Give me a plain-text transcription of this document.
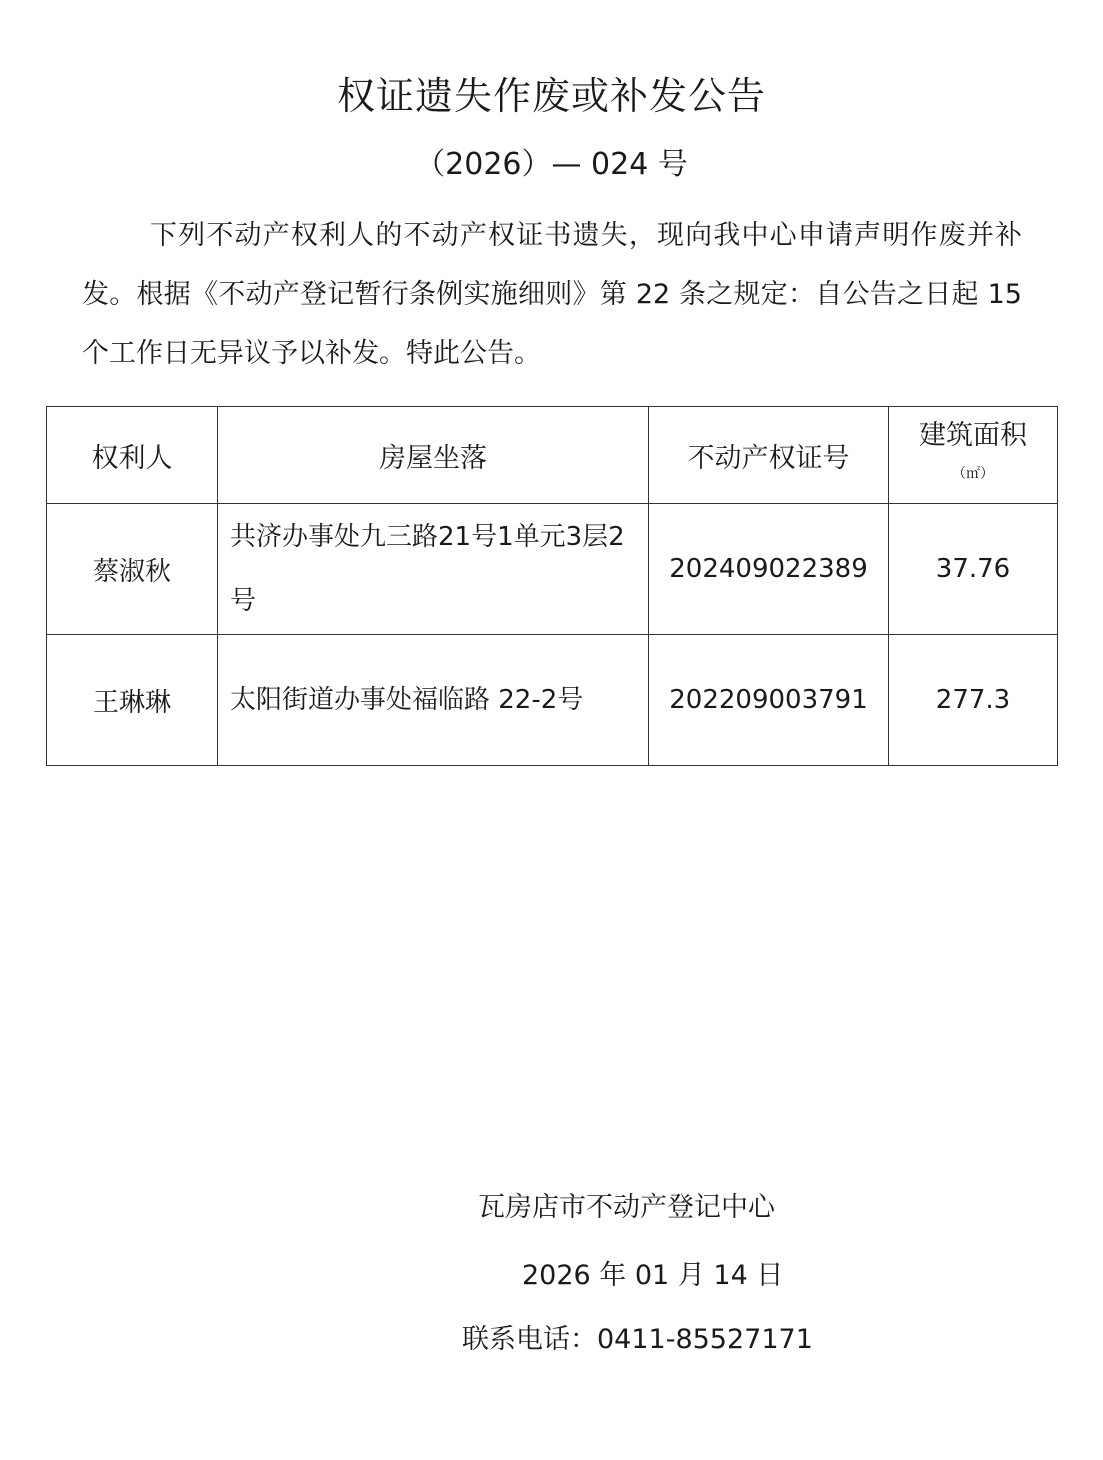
权证遗失作废或补发公告
（2026）— 024 号

下列不动产权利人的不动产权证书遗失，现向我中心申请声明作废并补发。根据《不动产登记暂行条例实施细则》第 22 条之规定：自公告之日起 15 个工作日无异议予以补发。特此公告。

权利人	房屋坐落	不动产权证号	建筑面积
（㎡）

蔡淑秋	共济办事处九三路21号1单元3层2号	202409022389	37.76
王琳琳	太阳街道办事处福临路 22-2号	202209003791	277.3
瓦房店市不动产登记中心
2026 年 01 月 14 日
联系电话：0411-85527171
